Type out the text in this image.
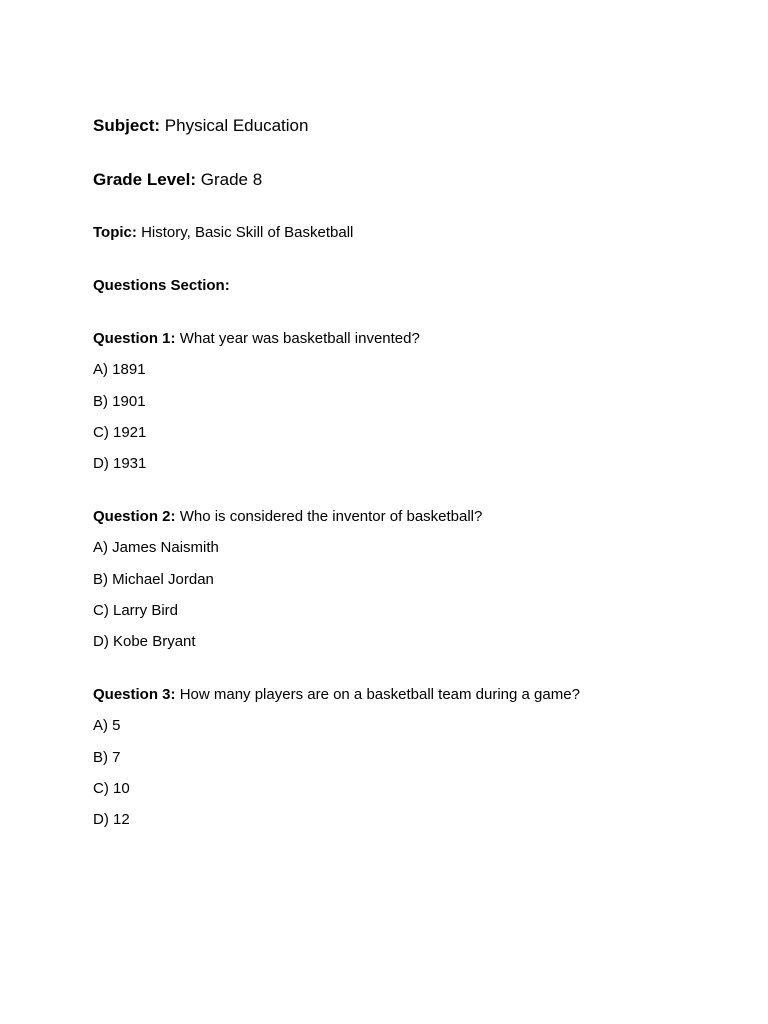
Subject: Physical Education
Grade Level: Grade 8
Topic: History, Basic Skill of Basketball
Questions Section:
Question 1: What year was basketball invented?
A) 1891
B) 1901
C) 1921
D) 1931
Question 2: Who is considered the inventor of basketball?
A) James Naismith
B) Michael Jordan
C) Larry Bird
D) Kobe Bryant
Question 3: How many players are on a basketball team during a game?
A) 5
B) 7
C) 10
D) 12
